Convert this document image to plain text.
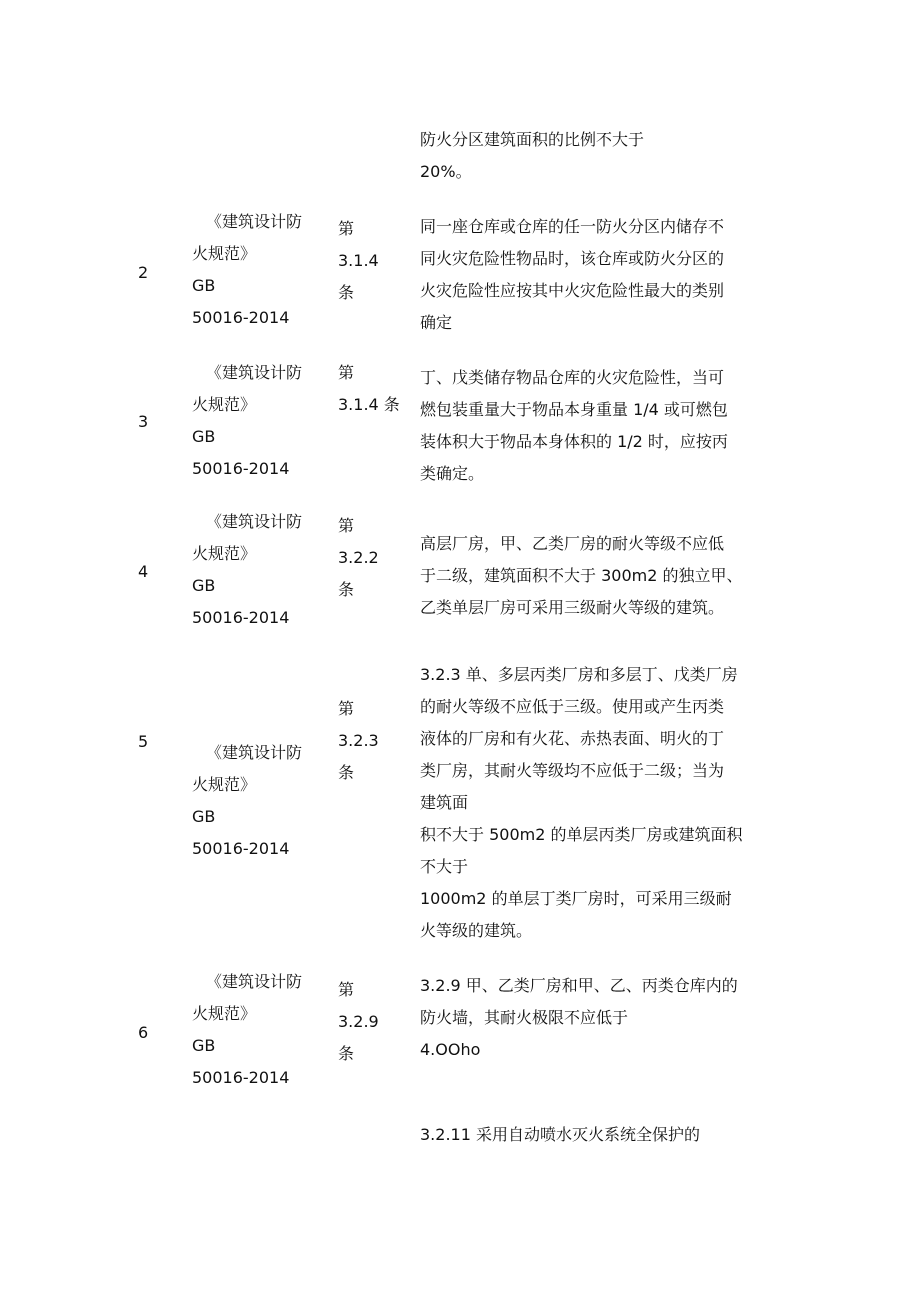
防火分区建筑面积的比例不大于
20%。
2
《建筑设计防
火规范》
GB
50016-2014
第
3.1.4
条
同一座仓库或仓库的任一防火分区内储存不
同火灾危险性物品时，该仓库或防火分区的
火灾危险性应按其中火灾危险性最大的类别
确定
3
《建筑设计防
火规范》
GB
50016-2014
第
3.1.4 条
丁、戊类储存物品仓库的火灾危险性，当可
燃包装重量大于物品本身重量 1/4 或可燃包
装体积大于物品本身体积的 1/2 时，应按丙
类确定。
4
《建筑设计防
火规范》
GB
50016-2014
第
3.2.2
条
高层厂房，甲、乙类厂房的耐火等级不应低
于二级，建筑面积不大于 300m2 的独立甲、
乙类单层厂房可采用三级耐火等级的建筑。
5
《建筑设计防
火规范》
GB
50016-2014
第
3.2.3
条
3.2.3 单、多层丙类厂房和多层丁、戊类厂房
的耐火等级不应低于三级。使用或产生丙类
液体的厂房和有火花、赤热表面、明火的丁
类厂房，其耐火等级均不应低于二级；当为
建筑面
积不大于 500m2 的单层丙类厂房或建筑面积
不大于
1000m2 的单层丁类厂房时，可采用三级耐
火等级的建筑。
6
《建筑设计防
火规范》
GB
50016-2014
第
3.2.9
条
3.2.9 甲、乙类厂房和甲、乙、丙类仓库内的
防火墙，其耐火极限不应低于
4.OOho
3.2.11 采用自动喷水灭火系统全保护的
